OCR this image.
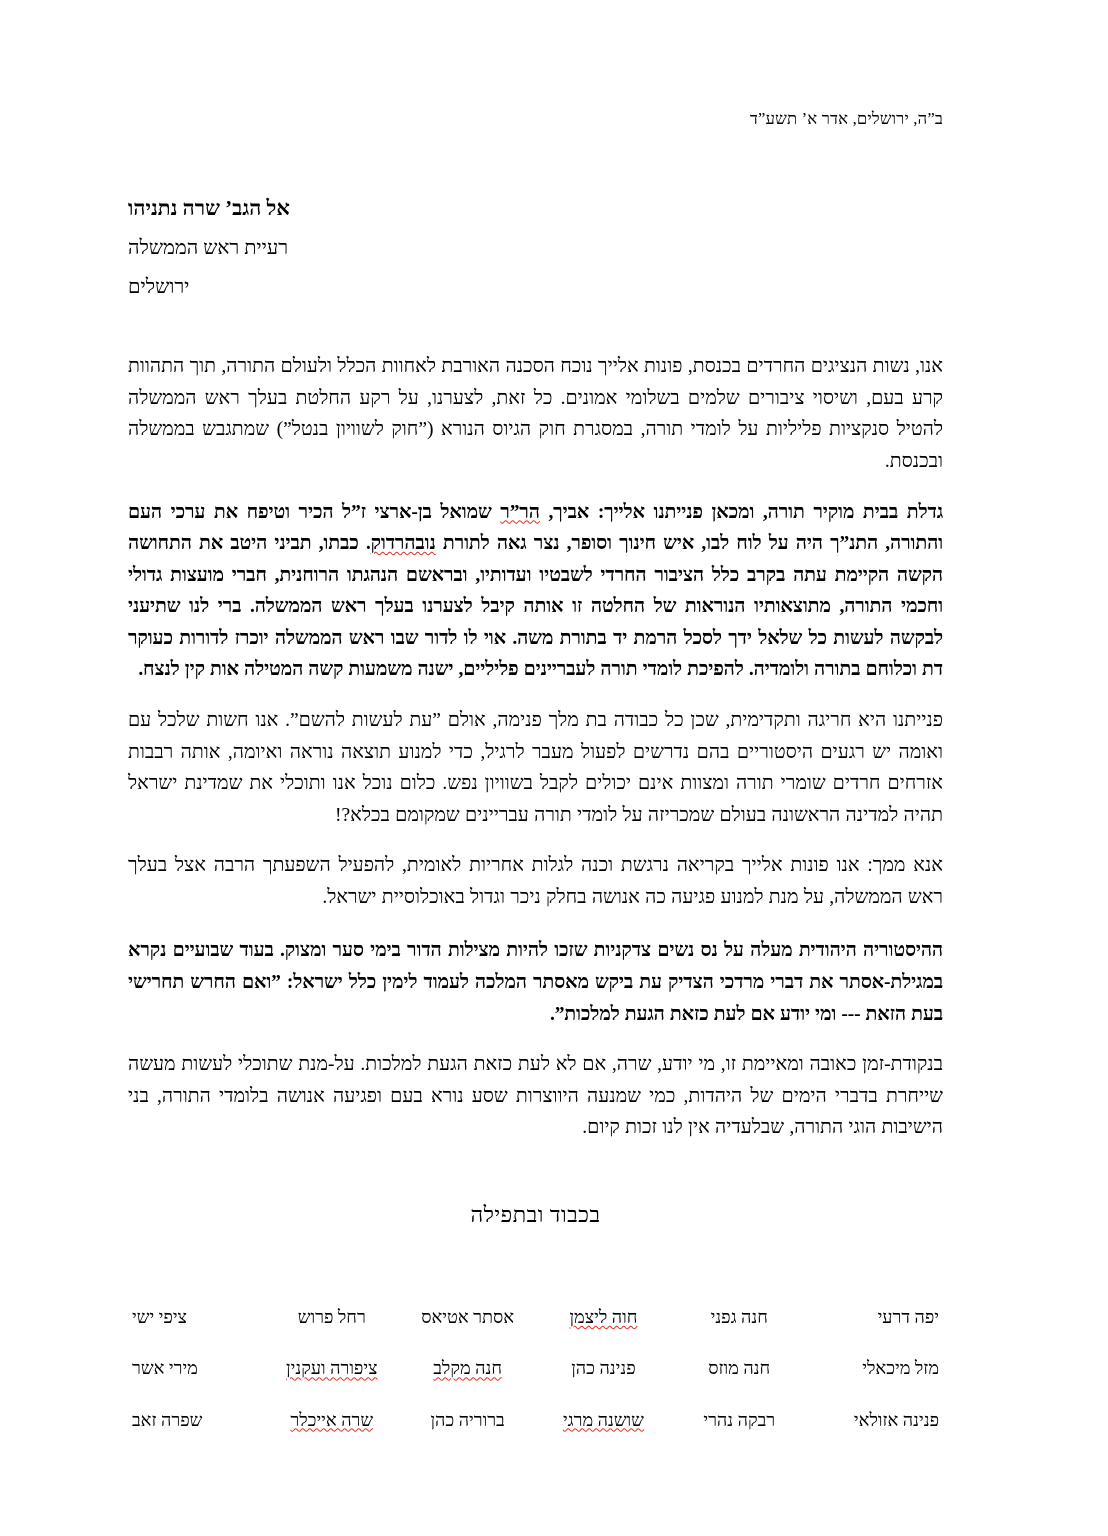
ב”ה, ירושלים, אדר א’ תשע”ד
אל הגב’ שרה נתניהו
רעיית ראש הממשלה
ירושלים

אנו, נשות הנציגים החרדים בכנסת, פונות אלייך נוכח הסכנה האורבת לאחוות הכלל ולעולם התורה, תוך התהוות קרע בעם, ושיסוי ציבורים שלמים בשלומי אמונים. כל זאת, לצערנו, על רקע החלטת בעלך ראש הממשלה להטיל סנקציות פליליות על לומדי תורה, במסגרת חוק הגיוס הנורא (”חוק לשוויון בנטל”) שמתגבש בממשלה ובכנסת.

גדלת בבית מוקיר תורה, ומכאן פנייתנו אלייך: אביך, הר”ר שמואל בן-ארצי ז”ל הכיר וטיפח את ערכי העם והתורה, התנ”ך היה על לוח לבו, איש חינוך וסופר, נצר גאה לתורת נובהרדוק. כבתו, תביני היטב את התחושה הקשה הקיימת עתה בקרב כלל הציבור החרדי לשבטיו ועדותיו, ובראשם הנהגתו הרוחנית, חברי מועצות גדולי וחכמי התורה, מתוצאותיו הנוראות של החלטה זו אותה קיבל לצערנו בעלך ראש הממשלה. ברי לנו שתיעני לבקשה לעשות כל שלאל ידך לסכל הרמת יד בתורת משה. אוי לו לדור שבו ראש הממשלה יוכרז לדורות כעוקר דת וכלוחם בתורה ולומדיה. להפיכת לומדי תורה לעבריינים פליליים, ישנה משמעות קשה המטילה אות קין לנצח.

פנייתנו היא חריגה ותקדימית, שכן כל כבודה בת מלך פנימה, אולם ”עת לעשות להשם”. אנו חשות שלכל עם ואומה יש רגעים היסטוריים בהם נדרשים לפעול מעבר לרגיל, כדי למנוע תוצאה נוראה ואיומה, אותה רבבות אזרחים חרדים שומרי תורה ומצוות אינם יכולים לקבל בשוויון נפש. כלום נוכל אנו ותוכלי את שמדינת ישראל תהיה למדינה הראשונה בעולם שמכריזה על לומדי תורה עבריינים שמקומם בכלא?!

אנא ממך: אנו פונות אלייך בקריאה נרגשת וכנה לגלות אחריות לאומית, להפעיל השפעתך הרבה אצל בעלך ראש הממשלה, על מנת למנוע פגיעה כה אנושה בחלק ניכר וגדול באוכלוסיית ישראל.

ההיסטוריה היהודית מעלה על נס נשים צדקניות שזכו להיות מצילות הדור בימי סער ומצוק. בעוד שבועיים נקרא במגילת-אסתר את דברי מרדכי הצדיק עת ביקש מאסתר המלכה לעמוד לימין כלל ישראל: ”ואם החרש תחרישי בעת הזאת --- ומי יודע אם לעת כזאת הגעת למלכות”.

בנקודת-זמן כאובה ומאיימת זו, מי יודע, שרה, אם לא לעת כזאת הגעת למלכות. על-מנת שתוכלי לעשות מעשה שייחרת בדברי הימים של היהדות, כמי שמנעה היווצרות שסע נורא בעם ופגיעה אנושה בלומדי התורה, בני הישיבות הוגי התורה, שבלעדיה אין לנו זכות קיום.

בכבוד ובתפילה
יפה דרעי	חנה גפני	חוה ליצמן	אסתר אטיאס	רחל פרוש	ציפי ישי
מזל מיכאלי	חנה מוזס	פנינה כהן	חנה מקלב	ציפורה ועקנין	מירי אשר
פנינה אזולאי	רבקה נהרי	שושנה מרגי	ברוריה כהן	שרה אייכלר	שפרה זאב
